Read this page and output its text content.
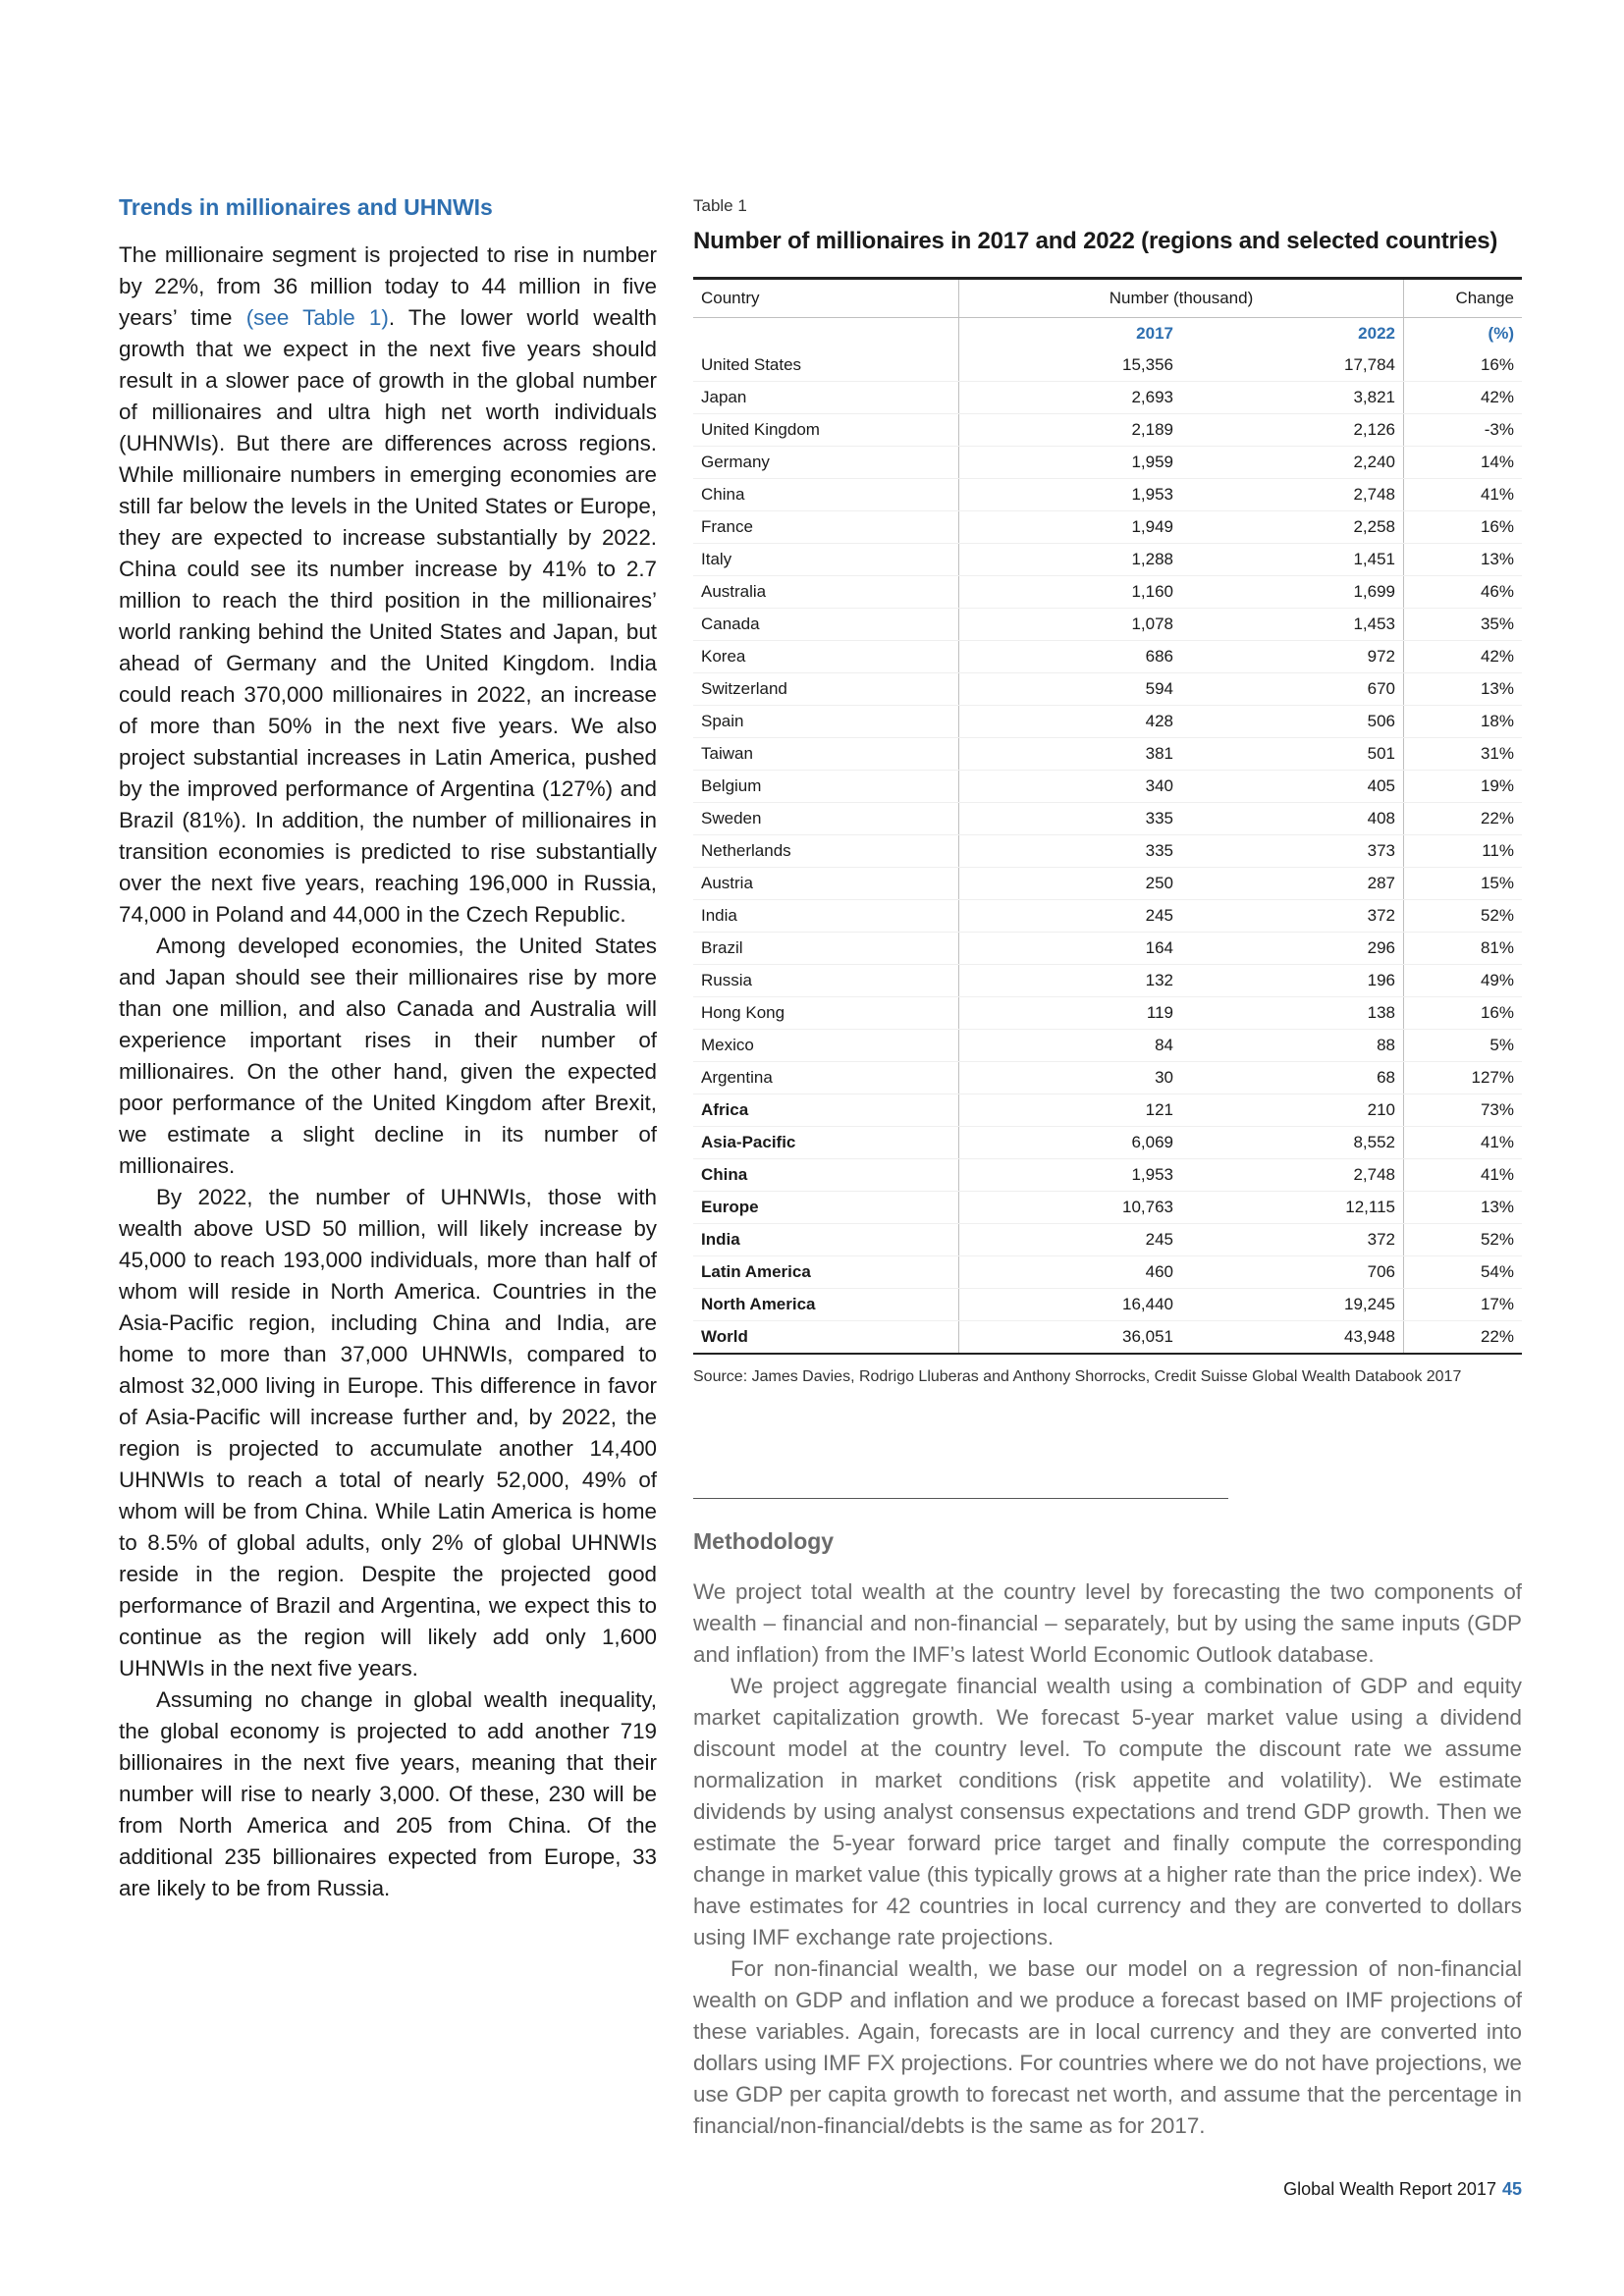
Trends in millionaires and UHNWIs

The millionaire segment is projected to rise in number by 22%, from 36 million today to 44 million in five years’ time (see Table 1). The lower world wealth growth that we expect in the next five years should result in a slower pace of growth in the global number of millionaires and ultra high net worth individuals (UHNWIs). But there are differences across regions. While millionaire numbers in emerging economies are still far below the levels in the United States or Europe, they are expected to increase substantially by 2022. China could see its number increase by 41% to 2.7 million to reach the third position in the millionaires’ world ranking behind the United States and Japan, but ahead of Germany and the United Kingdom. India could reach 370,000 millionaires in 2022, an increase of more than 50% in the next five years. We also project substantial increases in Latin America, pushed by the improved performance of Argentina (127%) and Brazil (81%). In addition, the number of millionaires in transition economies is predicted to rise substantially over the next five years, reaching 196,000 in Russia, 74,000 in Poland and 44,000 in the Czech Republic.

Among developed economies, the United States and Japan should see their millionaires rise by more than one million, and also Canada and Australia will experience important rises in their number of millionaires. On the other hand, given the expected poor performance of the United Kingdom after Brexit, we estimate a slight decline in its number of millionaires.

By 2022, the number of UHNWIs, those with wealth above USD 50 million, will likely increase by 45,000 to reach 193,000 individuals, more than half of whom will reside in North America. Countries in the Asia-Pacific region, including China and India, are home to more than 37,000 UHNWIs, compared to almost 32,000 living in Europe. This difference in favor of Asia-Pacific will increase further and, by 2022, the region is projected to accumulate another 14,400 UHNWIs to reach a total of nearly 52,000, 49% of whom will be from China. While Latin America is home to 8.5% of global adults, only 2% of global UHNWIs reside in the region. Despite the projected good performance of Brazil and Argentina, we expect this to continue as the region will likely add only 1,600 UHNWIs in the next five years.

Assuming no change in global wealth inequality, the global economy is projected to add another 719 billionaires in the next five years, meaning that their number will rise to nearly 3,000. Of these, 230 will be from North America and 205 from China. Of the additional 235 billionaires expected from Europe, 33 are likely to be from Russia.

Table 1
Number of millionaires in 2017 and 2022 (regions and selected countries)
Country	Number (thousand)		Change
	2017	2022	(%)
United States	15,356	17,784	16%
Japan	2,693	3,821	42%
United Kingdom	2,189	2,126	-3%
Germany	1,959	2,240	14%
China	1,953	2,748	41%
France	1,949	2,258	16%
Italy	1,288	1,451	13%
Australia	1,160	1,699	46%
Canada	1,078	1,453	35%
Korea	686	972	42%
Switzerland	594	670	13%
Spain	428	506	18%
Taiwan	381	501	31%
Belgium	340	405	19%
Sweden	335	408	22%
Netherlands	335	373	11%
Austria	250	287	15%
India	245	372	52%
Brazil	164	296	81%
Russia	132	196	49%
Hong Kong	119	138	16%
Mexico	84	88	5%
Argentina	30	68	127%
Africa	121	210	73%
Asia-Pacific	6,069	8,552	41%
China	1,953	2,748	41%
Europe	10,763	12,115	13%
India	245	372	52%
Latin America	460	706	54%
North America	16,440	19,245	17%
World	36,051	43,948	22%
Source: James Davies, Rodrigo Lluberas and Anthony Shorrocks, Credit Suisse Global Wealth Databook 2017
Methodology

We project total wealth at the country level by forecasting the two components of wealth – financial and non-financial – separately, but by using the same inputs (GDP and inflation) from the IMF’s latest World Economic Outlook database.

We project aggregate financial wealth using a combination of GDP and equity market capitalization growth. We forecast 5-year market value using a dividend discount model at the country level. To compute the discount rate we assume normalization in market conditions (risk appetite and volatility). We estimate dividends by using analyst consensus expectations and trend GDP growth. Then we estimate the 5-year forward price target and finally compute the corresponding change in market value (this typically grows at a higher rate than the price index). We have estimates for 42 countries in local currency and they are converted to dollars using IMF exchange rate projections.

For non-financial wealth, we base our model on a regression of non-financial wealth on GDP and inflation and we produce a forecast based on IMF projections of these variables. Again, forecasts are in local currency and they are converted into dollars using IMF FX projections. For countries where we do not have projections, we use GDP per capita growth to forecast net worth, and assume that the percentage in financial/non-financial/debts is the same as for 2017.

Global Wealth Report 2017 45
